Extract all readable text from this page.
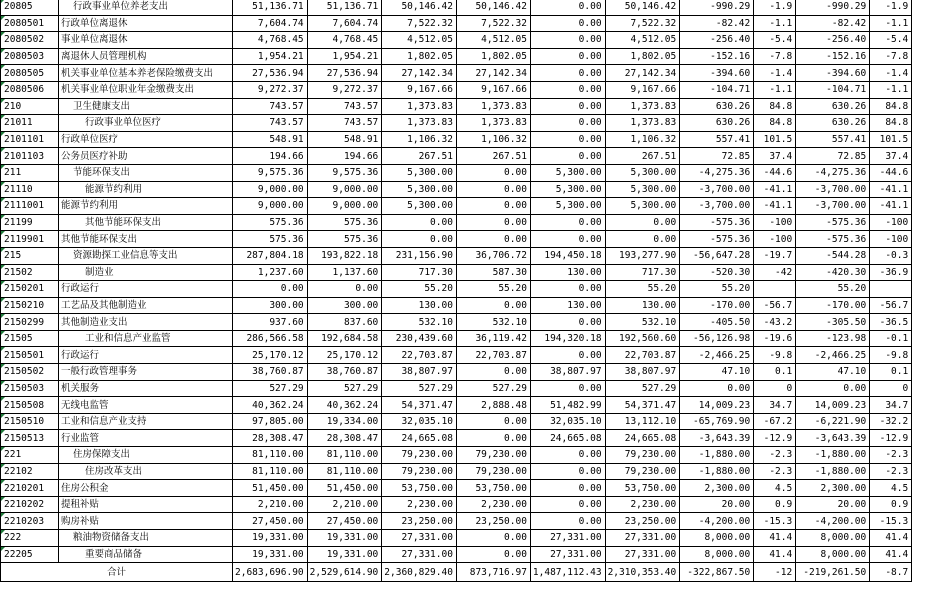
20805	行政事业单位养老支出	51,136.71	51,136.71	50,146.42	50,146.42	0.00	50,146.42	-990.29	-1.9	-990.29	-1.9
2080501	行政单位离退休	7,604.74	7,604.74	7,522.32	7,522.32	0.00	7,522.32	-82.42	-1.1	-82.42	-1.1
2080502	事业单位离退休	4,768.45	4,768.45	4,512.05	4,512.05	0.00	4,512.05	-256.40	-5.4	-256.40	-5.4
2080503	离退休人员管理机构	1,954.21	1,954.21	1,802.05	1,802.05	0.00	1,802.05	-152.16	-7.8	-152.16	-7.8
2080505	机关事业单位基本养老保险缴费支出	27,536.94	27,536.94	27,142.34	27,142.34	0.00	27,142.34	-394.60	-1.4	-394.60	-1.4
2080506	机关事业单位职业年金缴费支出	9,272.37	9,272.37	9,167.66	9,167.66	0.00	9,167.66	-104.71	-1.1	-104.71	-1.1
210	卫生健康支出	743.57	743.57	1,373.83	1,373.83	0.00	1,373.83	630.26	84.8	630.26	84.8
21011	行政事业单位医疗	743.57	743.57	1,373.83	1,373.83	0.00	1,373.83	630.26	84.8	630.26	84.8
2101101	行政单位医疗	548.91	548.91	1,106.32	1,106.32	0.00	1,106.32	557.41	101.5	557.41	101.5
2101103	公务员医疗补助	194.66	194.66	267.51	267.51	0.00	267.51	72.85	37.4	72.85	37.4
211	节能环保支出	9,575.36	9,575.36	5,300.00	0.00	5,300.00	5,300.00	-4,275.36	-44.6	-4,275.36	-44.6
21110	能源节约利用	9,000.00	9,000.00	5,300.00	0.00	5,300.00	5,300.00	-3,700.00	-41.1	-3,700.00	-41.1
2111001	能源节约利用	9,000.00	9,000.00	5,300.00	0.00	5,300.00	5,300.00	-3,700.00	-41.1	-3,700.00	-41.1
21199	其他节能环保支出	575.36	575.36	0.00	0.00	0.00	0.00	-575.36	-100	-575.36	-100
2119901	其他节能环保支出	575.36	575.36	0.00	0.00	0.00	0.00	-575.36	-100	-575.36	-100
215	资源勘探工业信息等支出	287,804.18	193,822.18	231,156.90	36,706.72	194,450.18	193,277.90	-56,647.28	-19.7	-544.28	-0.3
21502	制造业	1,237.60	1,137.60	717.30	587.30	130.00	717.30	-520.30	-42	-420.30	-36.9
2150201	行政运行	0.00	0.00	55.20	55.20	0.00	55.20	55.20		55.20	
2150210	工艺品及其他制造业	300.00	300.00	130.00	0.00	130.00	130.00	-170.00	-56.7	-170.00	-56.7
2150299	其他制造业支出	937.60	837.60	532.10	532.10	0.00	532.10	-405.50	-43.2	-305.50	-36.5
21505	工业和信息产业监管	286,566.58	192,684.58	230,439.60	36,119.42	194,320.18	192,560.60	-56,126.98	-19.6	-123.98	-0.1
2150501	行政运行	25,170.12	25,170.12	22,703.87	22,703.87	0.00	22,703.87	-2,466.25	-9.8	-2,466.25	-9.8
2150502	一般行政管理事务	38,760.87	38,760.87	38,807.97	0.00	38,807.97	38,807.97	47.10	0.1	47.10	0.1
2150503	机关服务	527.29	527.29	527.29	527.29	0.00	527.29	0.00	0	0.00	0
2150508	无线电监管	40,362.24	40,362.24	54,371.47	2,888.48	51,482.99	54,371.47	14,009.23	34.7	14,009.23	34.7
2150510	工业和信息产业支持	97,805.00	19,334.00	32,035.10	0.00	32,035.10	13,112.10	-65,769.90	-67.2	-6,221.90	-32.2
2150513	行业监管	28,308.47	28,308.47	24,665.08	0.00	24,665.08	24,665.08	-3,643.39	-12.9	-3,643.39	-12.9
221	住房保障支出	81,110.00	81,110.00	79,230.00	79,230.00	0.00	79,230.00	-1,880.00	-2.3	-1,880.00	-2.3
22102	住房改革支出	81,110.00	81,110.00	79,230.00	79,230.00	0.00	79,230.00	-1,880.00	-2.3	-1,880.00	-2.3
2210201	住房公积金	51,450.00	51,450.00	53,750.00	53,750.00	0.00	53,750.00	2,300.00	4.5	2,300.00	4.5
2210202	提租补贴	2,210.00	2,210.00	2,230.00	2,230.00	0.00	2,230.00	20.00	0.9	20.00	0.9
2210203	购房补贴	27,450.00	27,450.00	23,250.00	23,250.00	0.00	23,250.00	-4,200.00	-15.3	-4,200.00	-15.3
222	粮油物资储备支出	19,331.00	19,331.00	27,331.00	0.00	27,331.00	27,331.00	8,000.00	41.4	8,000.00	41.4
22205	重要商品储备	19,331.00	19,331.00	27,331.00	0.00	27,331.00	27,331.00	8,000.00	41.4	8,000.00	41.4
合计		2,683,696.90	2,529,614.90	2,360,829.40	873,716.97	1,487,112.43	2,310,353.40	-322,867.50	-12	-219,261.50	-8.7
